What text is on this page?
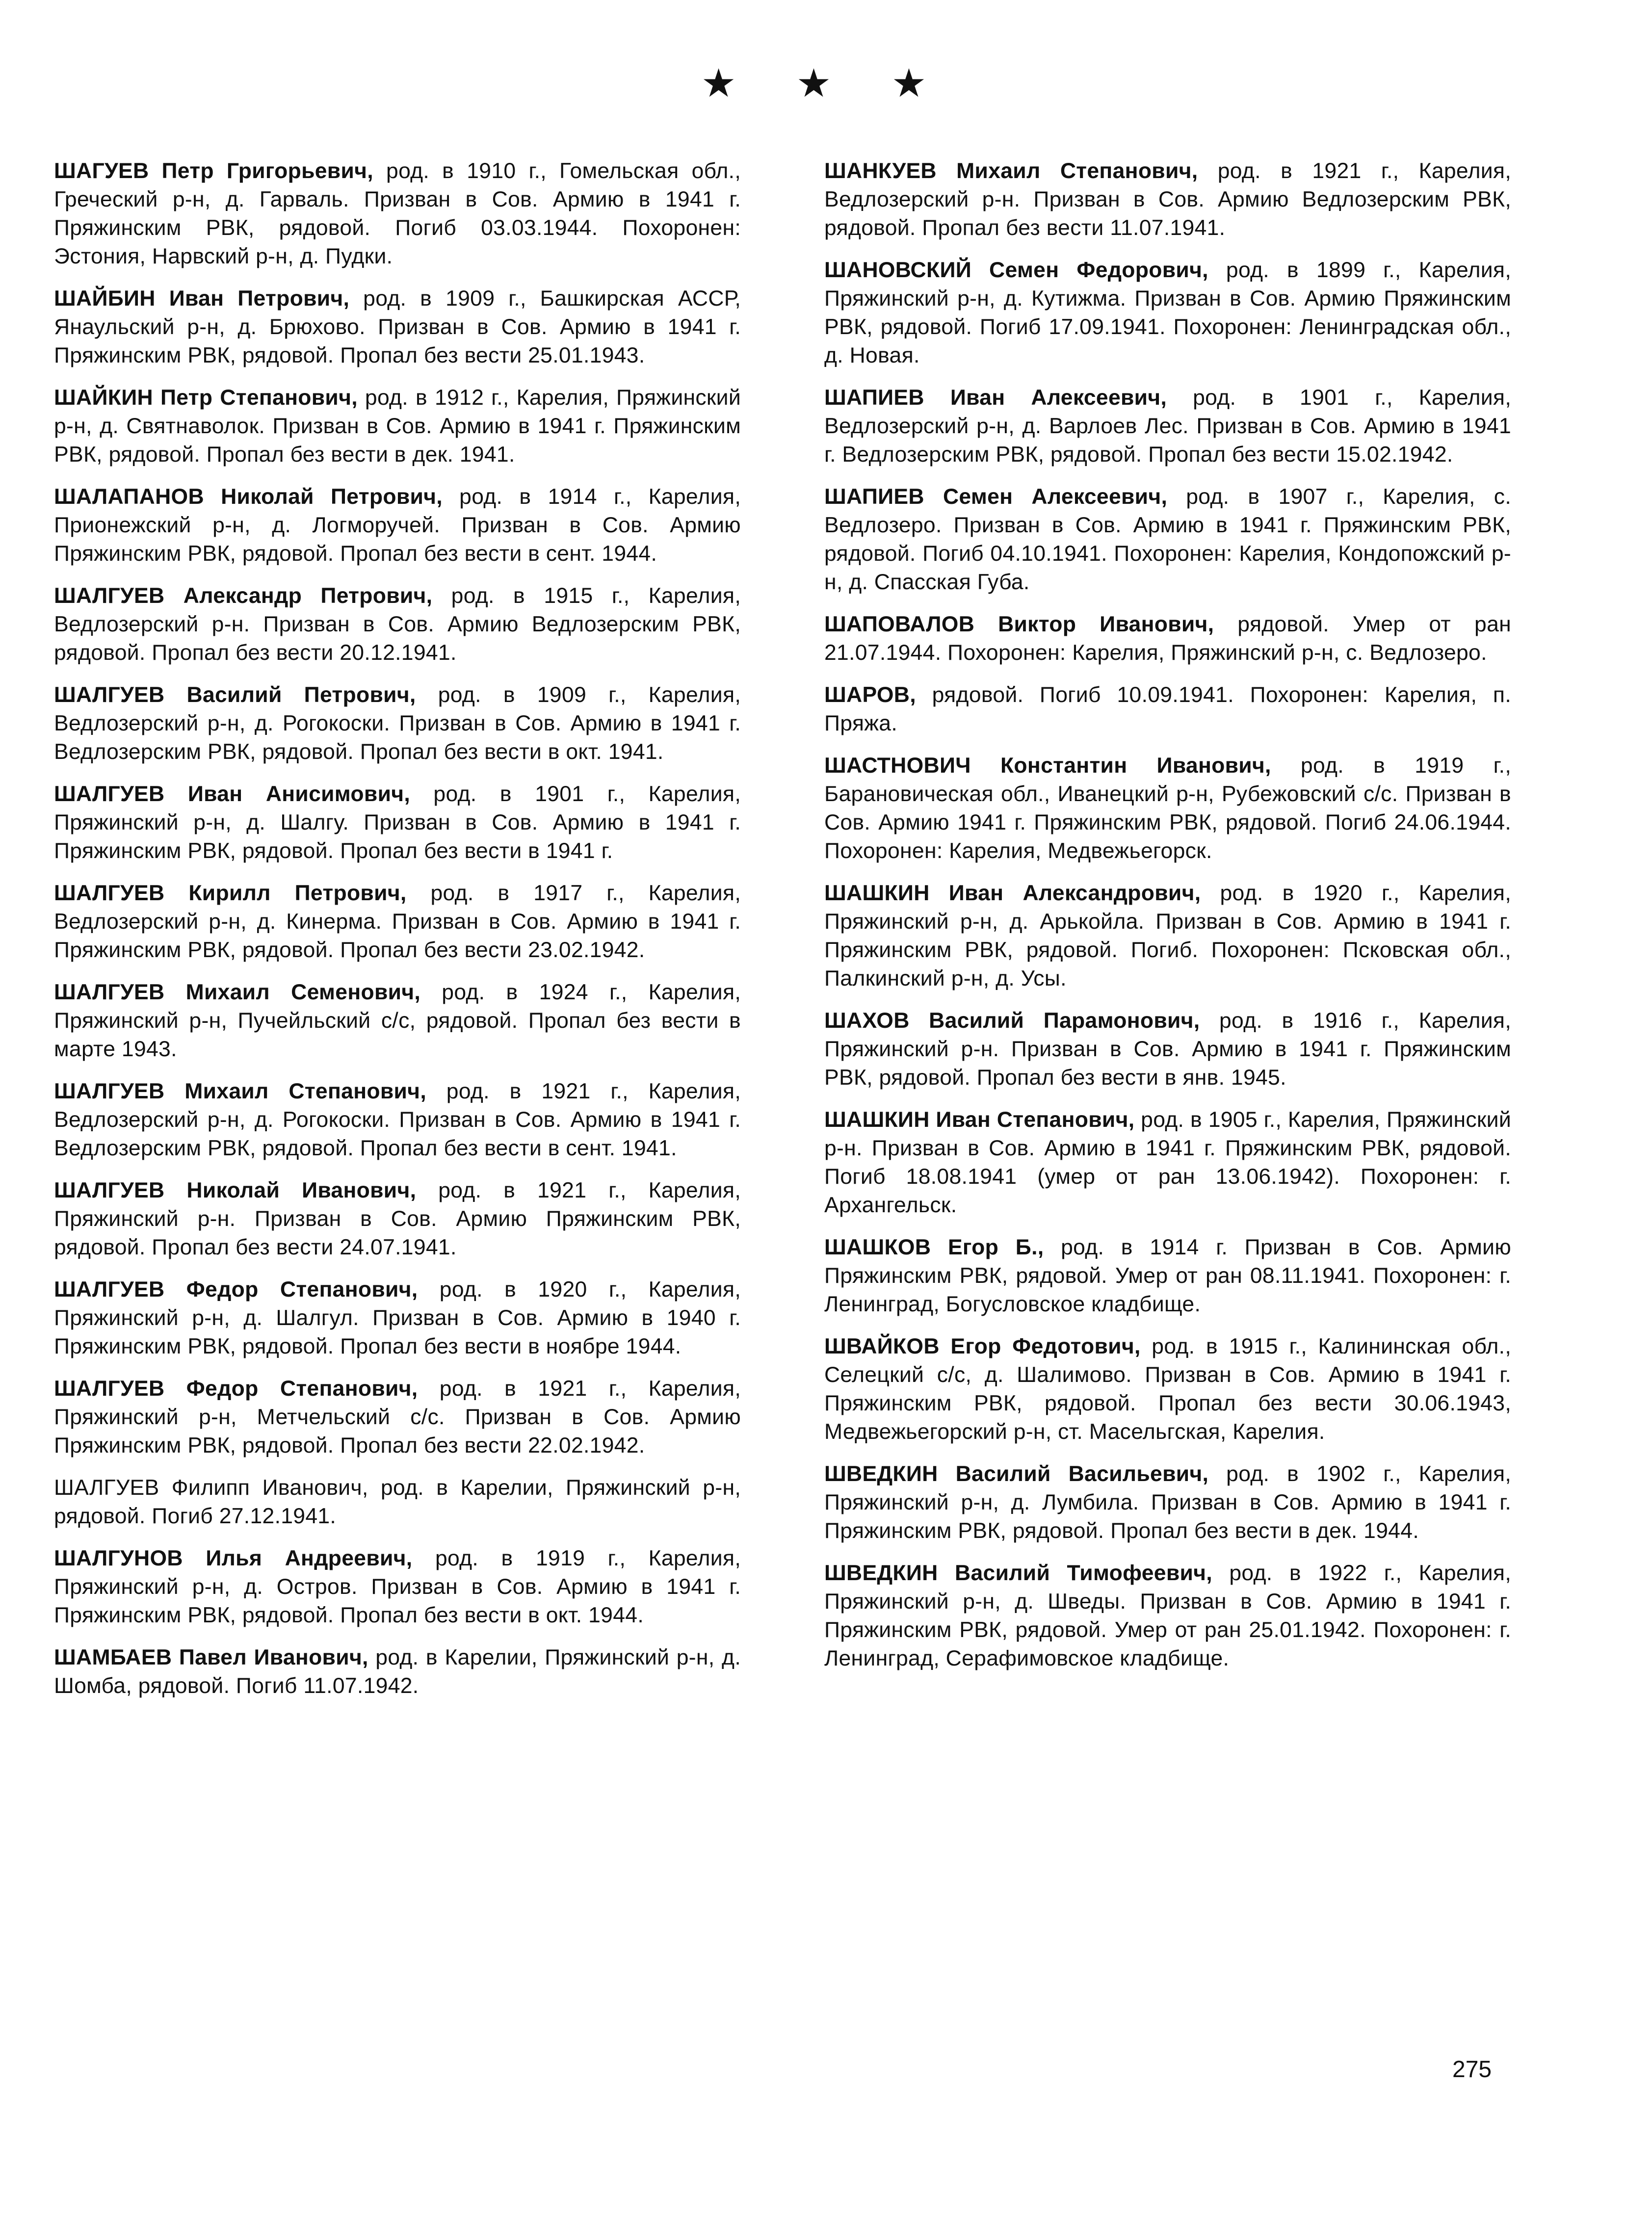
★ ★ ★

ШАГУЕВ Петр Григорьевич, род. в 1910 г., Гомельская обл., Греческий р-н, д. Гарваль. Призван в Сов. Армию в 1941 г. Пряжинским РВК, рядовой. Погиб 03.03.1944. Похоронен: Эстония, Нарвский р-н, д. Пудки.

ШАЙБИН Иван Петрович, род. в 1909 г., Башкирская АССР, Янаульский р-н, д. Брюхово. Призван в Сов. Армию в 1941 г. Пряжинским РВК, рядовой. Пропал без вести 25.01.1943.

ШАЙКИН Петр Степанович, род. в 1912 г., Карелия, Пряжинский р-н, д. Святнаволок. Призван в Сов. Армию в 1941 г. Пряжинским РВК, рядовой. Пропал без вести в дек. 1941.

ШАЛАПАНОВ Николай Петрович, род. в 1914 г., Карелия, Прионежский р-н, д. Логморучей. Призван в Сов. Армию Пряжинским РВК, рядовой. Пропал без вести в сент. 1944.

ШАЛГУЕВ Александр Петрович, род. в 1915 г., Карелия, Ведлозерский р-н. Призван в Сов. Армию Ведлозерским РВК, рядовой. Пропал без вести 20.12.1941.

ШАЛГУЕВ Василий Петрович, род. в 1909 г., Карелия, Ведлозерский р-н, д. Рогокоски. Призван в Сов. Армию в 1941 г. Ведлозерским РВК, рядовой. Пропал без вести в окт. 1941.

ШАЛГУЕВ Иван Анисимович, род. в 1901 г., Карелия, Пряжинский р-н, д. Шалгу. Призван в Сов. Армию в 1941 г. Пряжинским РВК, рядовой. Пропал без вести в 1941 г.

ШАЛГУЕВ Кирилл Петрович, род. в 1917 г., Карелия, Ведлозерский р-н, д. Кинерма. Призван в Сов. Армию в 1941 г. Пряжинским РВК, рядовой. Пропал без вести 23.02.1942.

ШАЛГУЕВ Михаил Семенович, род. в 1924 г., Карелия, Пряжинский р-н, Пучейльский с/с, рядовой. Пропал без вести в марте 1943.

ШАЛГУЕВ Михаил Степанович, род. в 1921 г., Карелия, Ведлозерский р-н, д. Рогокоски. Призван в Сов. Армию в 1941 г. Ведлозерским РВК, рядовой. Пропал без вести в сент. 1941.

ШАЛГУЕВ Николай Иванович, род. в 1921 г., Карелия, Пряжинский р-н. Призван в Сов. Армию Пряжинским РВК, рядовой. Пропал без вести 24.07.1941.

ШАЛГУЕВ Федор Степанович, род. в 1920 г., Карелия, Пряжинский р-н, д. Шалгул. Призван в Сов. Армию в 1940 г. Пряжинским РВК, рядовой. Пропал без вести в ноябре 1944.

ШАЛГУЕВ Федор Степанович, род. в 1921 г., Карелия, Пряжинский р-н, Метчельский с/с. Призван в Сов. Армию Пряжинским РВК, рядовой. Пропал без вести 22.02.1942.

ШАЛГУЕВ Филипп Иванович, род. в Карелии, Пряжинский р-н, рядовой. Погиб 27.12.1941.

ШАЛГУНОВ Илья Андреевич, род. в 1919 г., Карелия, Пряжинский р-н, д. Остров. Призван в Сов. Армию в 1941 г. Пряжинским РВК, рядовой. Пропал без вести в окт. 1944.

ШАМБАЕВ Павел Иванович, род. в Карелии, Пряжинский р-н, д. Шомба, рядовой. Погиб 11.07.1942.

ШАНКУЕВ Михаил Степанович, род. в 1921 г., Карелия, Ведлозерский р-н. Призван в Сов. Армию Ведлозерским РВК, рядовой. Пропал без вести 11.07.1941.

ШАНОВСКИЙ Семен Федорович, род. в 1899 г., Карелия, Пряжинский р-н, д. Кутижма. Призван в Сов. Армию Пряжинским РВК, рядовой. Погиб 17.09.1941. Похоронен: Ленинградская обл., д. Новая.

ШАПИЕВ Иван Алексеевич, род. в 1901 г., Карелия, Ведлозерский р-н, д. Варлоев Лес. Призван в Сов. Армию в 1941 г. Ведлозерским РВК, рядовой. Пропал без вести 15.02.1942.

ШАПИЕВ Семен Алексеевич, род. в 1907 г., Карелия, с. Ведлозеро. Призван в Сов. Армию в 1941 г. Пряжинским РВК, рядовой. Погиб 04.10.1941. Похоронен: Карелия, Кондопожский р-н, д. Спасская Губа.

ШАПОВАЛОВ Виктор Иванович, рядовой. Умер от ран 21.07.1944. Похоронен: Карелия, Пряжинский р-н, с. Ведлозеро.

ШАРОВ, рядовой. Погиб 10.09.1941. Похоронен: Карелия, п. Пряжа.

ШАСТНОВИЧ Константин Иванович, род. в 1919 г., Барановическая обл., Иванецкий р-н, Рубежовский с/с. Призван в Сов. Армию 1941 г. Пряжинским РВК, рядовой. Погиб 24.06.1944. Похоронен: Карелия, Медвежьегорск.

ШАШКИН Иван Александрович, род. в 1920 г., Карелия, Пряжинский р-н, д. Арькойла. Призван в Сов. Армию в 1941 г. Пряжинским РВК, рядовой. Погиб. Похоронен: Псковская обл., Палкинский р-н, д. Усы.

ШАХОВ Василий Парамонович, род. в 1916 г., Карелия, Пряжинский р-н. Призван в Сов. Армию в 1941 г. Пряжинским РВК, рядовой. Пропал без вести в янв. 1945.

ШАШКИН Иван Степанович, род. в 1905 г., Карелия, Пряжинский р-н. Призван в Сов. Армию в 1941 г. Пряжинским РВК, рядовой. Погиб 18.08.1941 (умер от ран 13.06.1942). Похоронен: г. Архангельск.

ШАШКОВ Егор Б., род. в 1914 г. Призван в Сов. Армию Пряжинским РВК, рядовой. Умер от ран 08.11.1941. Похоронен: г. Ленинград, Богусловское кладбище.

ШВАЙКОВ Егор Федотович, род. в 1915 г., Калининская обл., Селецкий с/с, д. Шалимово. Призван в Сов. Армию в 1941 г. Пряжинским РВК, рядовой. Пропал без вести 30.06.1943, Медвежьегорский р-н, ст. Масельгская, Карелия.

ШВЕДКИН Василий Васильевич, род. в 1902 г., Карелия, Пряжинский р-н, д. Лумбила. Призван в Сов. Армию в 1941 г. Пряжинским РВК, рядовой. Пропал без вести в дек. 1944.

ШВЕДКИН Василий Тимофеевич, род. в 1922 г., Карелия, Пряжинский р-н, д. Шведы. Призван в Сов. Армию в 1941 г. Пряжинским РВК, рядовой. Умер от ран 25.01.1942. Похоронен: г. Ленинград, Серафимовское кладбище.

275
